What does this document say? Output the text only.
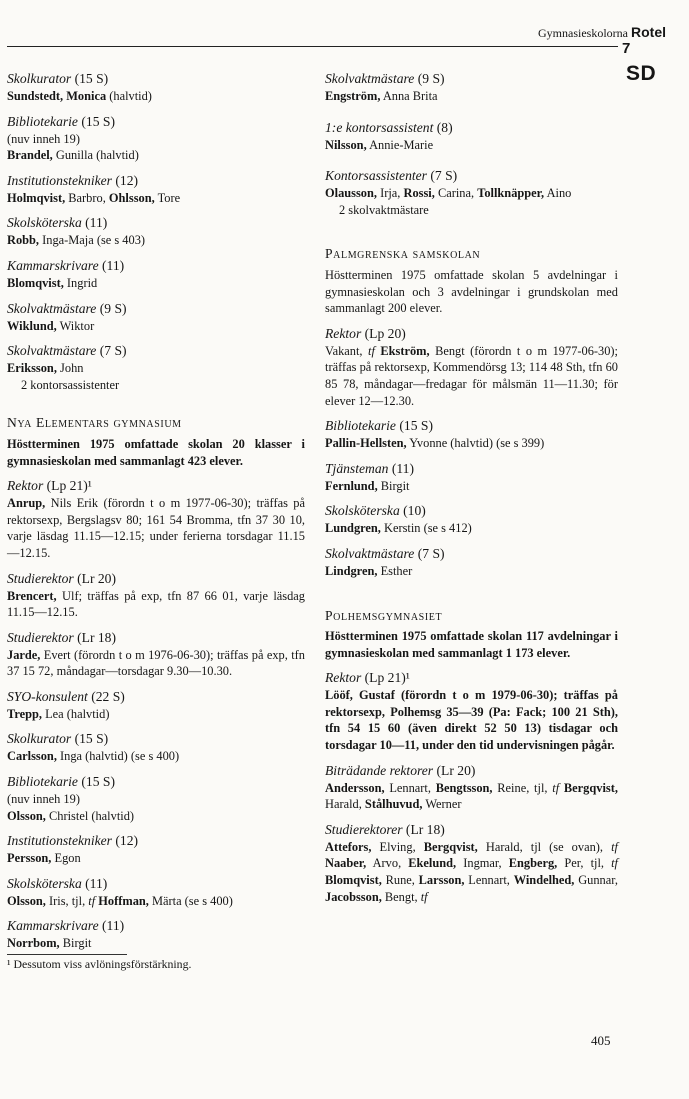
Gymnasieskolorna Rotel
7
SD
Skolkurator (15 S)
Sundstedt, Monica (halvtid)
Bibliotekarie (15 S)
(nuv inneh 19)
Brandel, Gunilla (halvtid)
Institutionstekniker (12)
Holmqvist, Barbro, Ohlsson, Tore
Skolsköterska (11)
Robb, Inga-Maja (se s 403)
Kammarskrivare (11)
Blomqvist, Ingrid
Skolvaktmästare (9 S)
Wiklund, Wiktor
Skolvaktmästare (7 S)
Eriksson, John
2 kontorsassistenter
Nya Elementars gymnasium
Höstterminen 1975 omfattade skolan 20 klasser i gymnasieskolan med sammanlagt 423 elever.
Rektor (Lp 21)¹
Anrup, Nils Erik (förordn t o m 1977-06-30); träffas på rektorsexp, Bergslagsv 80; 161 54 Bromma, tfn 37 30 10, varje läsdag 11.15—12.15; under ferierna torsdagar 11.15—12.15.
Studierektor (Lr 20)
Brencert, Ulf; träffas på exp, tfn 87 66 01, varje läsdag 11.15—12.15.
Studierektor (Lr 18)
Jarde, Evert (förordn t o m 1976-06-30); träffas på exp, tfn 37 15 72, måndagar—torsdagar 9.30—10.30.
SYO-konsulent (22 S)
Trepp, Lea (halvtid)
Skolkurator (15 S)
Carlsson, Inga (halvtid) (se s 400)
Bibliotekarie (15 S)
(nuv inneh 19)
Olsson, Christel (halvtid)
Institutionstekniker (12)
Persson, Egon
Skolsköterska (11)
Olsson, Iris, tjl, tf Hoffman, Märta (se s 400)
Kammarskrivare (11)
Norrbom, Birgit
¹ Dessutom viss avlöningsförstärkning.
Skolvaktmästare (9 S)
Engström, Anna Brita
1:e kontorsassistent (8)
Nilsson, Annie-Marie
Kontorsassistenter (7 S)
Olausson, Irja, Rossi, Carina, Tollknäpper, Aino
2 skolvaktmästare
Palmgrenska samskolan
Höstterminen 1975 omfattade skolan 5 avdelningar i gymnasieskolan och 3 avdelningar i grundskolan med sammanlagt 200 elever.
Rektor (Lp 20)
Vakant, tf Ekström, Bengt (förordn t o m 1977-06-30); träffas på rektorsexp, Kommendörsg 13; 114 48 Sth, tfn 60 85 78, måndagar—fredagar för målsmän 11—11.30; för elever 12—12.30.
Bibliotekarie (15 S)
Pallin-Hellsten, Yvonne (halvtid) (se s 399)
Tjänsteman (11)
Fernlund, Birgit
Skolsköterska (10)
Lundgren, Kerstin (se s 412)
Skolvaktmästare (7 S)
Lindgren, Esther
Polhemsgymnasiet
Höstterminen 1975 omfattade skolan 117 avdelningar i gymnasieskolan med sammanlagt 1 173 elever.
Rektor (Lp 21)¹
Lööf, Gustaf (förordn t o m 1979-06-30); träffas på rektorsexp, Polhemsg 35—39 (Pa: Fack; 100 21 Sth), tfn 54 15 60 (även direkt 52 50 13) tisdagar och torsdagar 10—11, under den tid undervisningen pågår.
Biträdande rektorer (Lr 20)
Andersson, Lennart, Bengtsson, Reine, tjl, tf Bergqvist, Harald, Stålhuvud, Werner
Studierektorer (Lr 18)
Attefors, Elving, Bergqvist, Harald, tjl (se ovan), tf Naaber, Arvo, Ekelund, Ingmar, Engberg, Per, tjl, tf Blomqvist, Rune, Larsson, Lennart, Windelhed, Gunnar, Jacobsson, Bengt, tf
405
